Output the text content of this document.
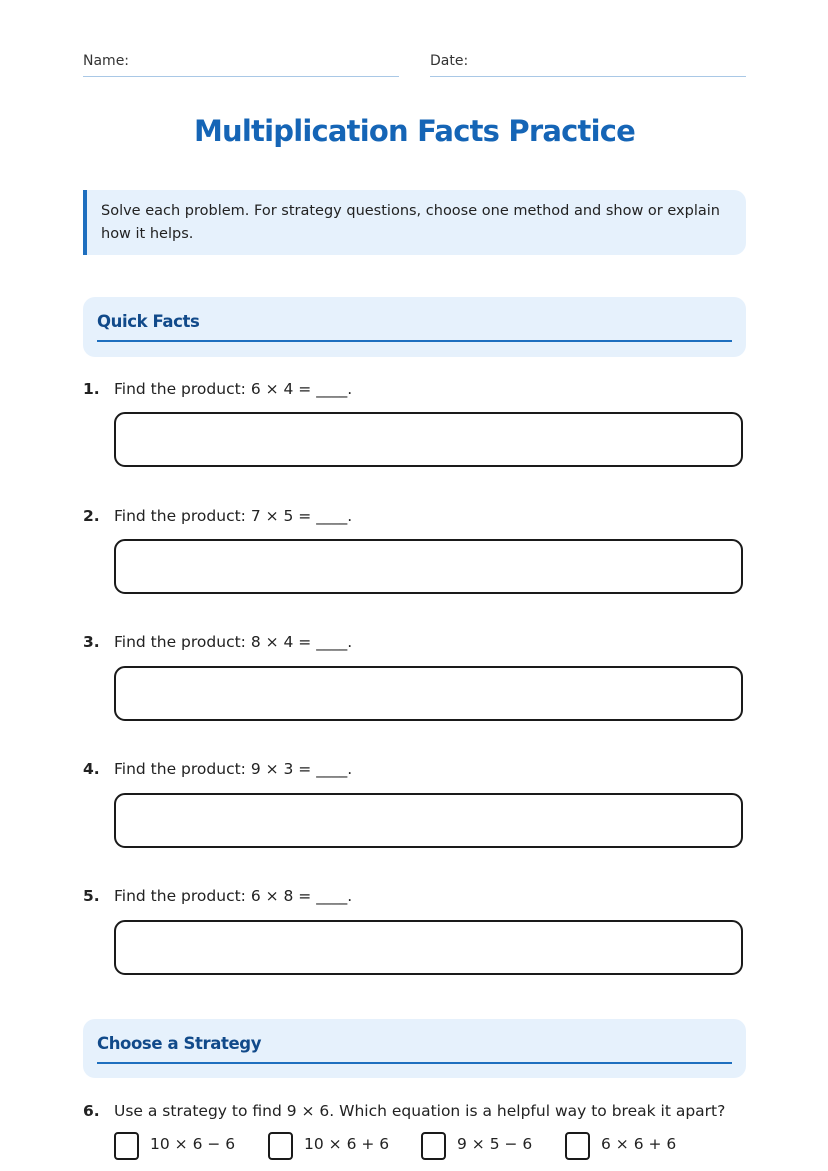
Name:	Date:
Multiplication Facts Practice
Solve each problem. For strategy questions, choose one method and show or explain how it helps.
Quick Facts
1. Find the product: 6 × 4 = ____.
2. Find the product: 7 × 5 = ____.
3. Find the product: 8 × 4 = ____.
4. Find the product: 9 × 3 = ____.
5. Find the product: 6 × 8 = ____.
Choose a Strategy
6. Use a strategy to find 9 × 6. Which equation is a helpful way to break it apart?
10 × 6 − 6	10 × 6 + 6	9 × 5 − 6	6 × 6 + 6
